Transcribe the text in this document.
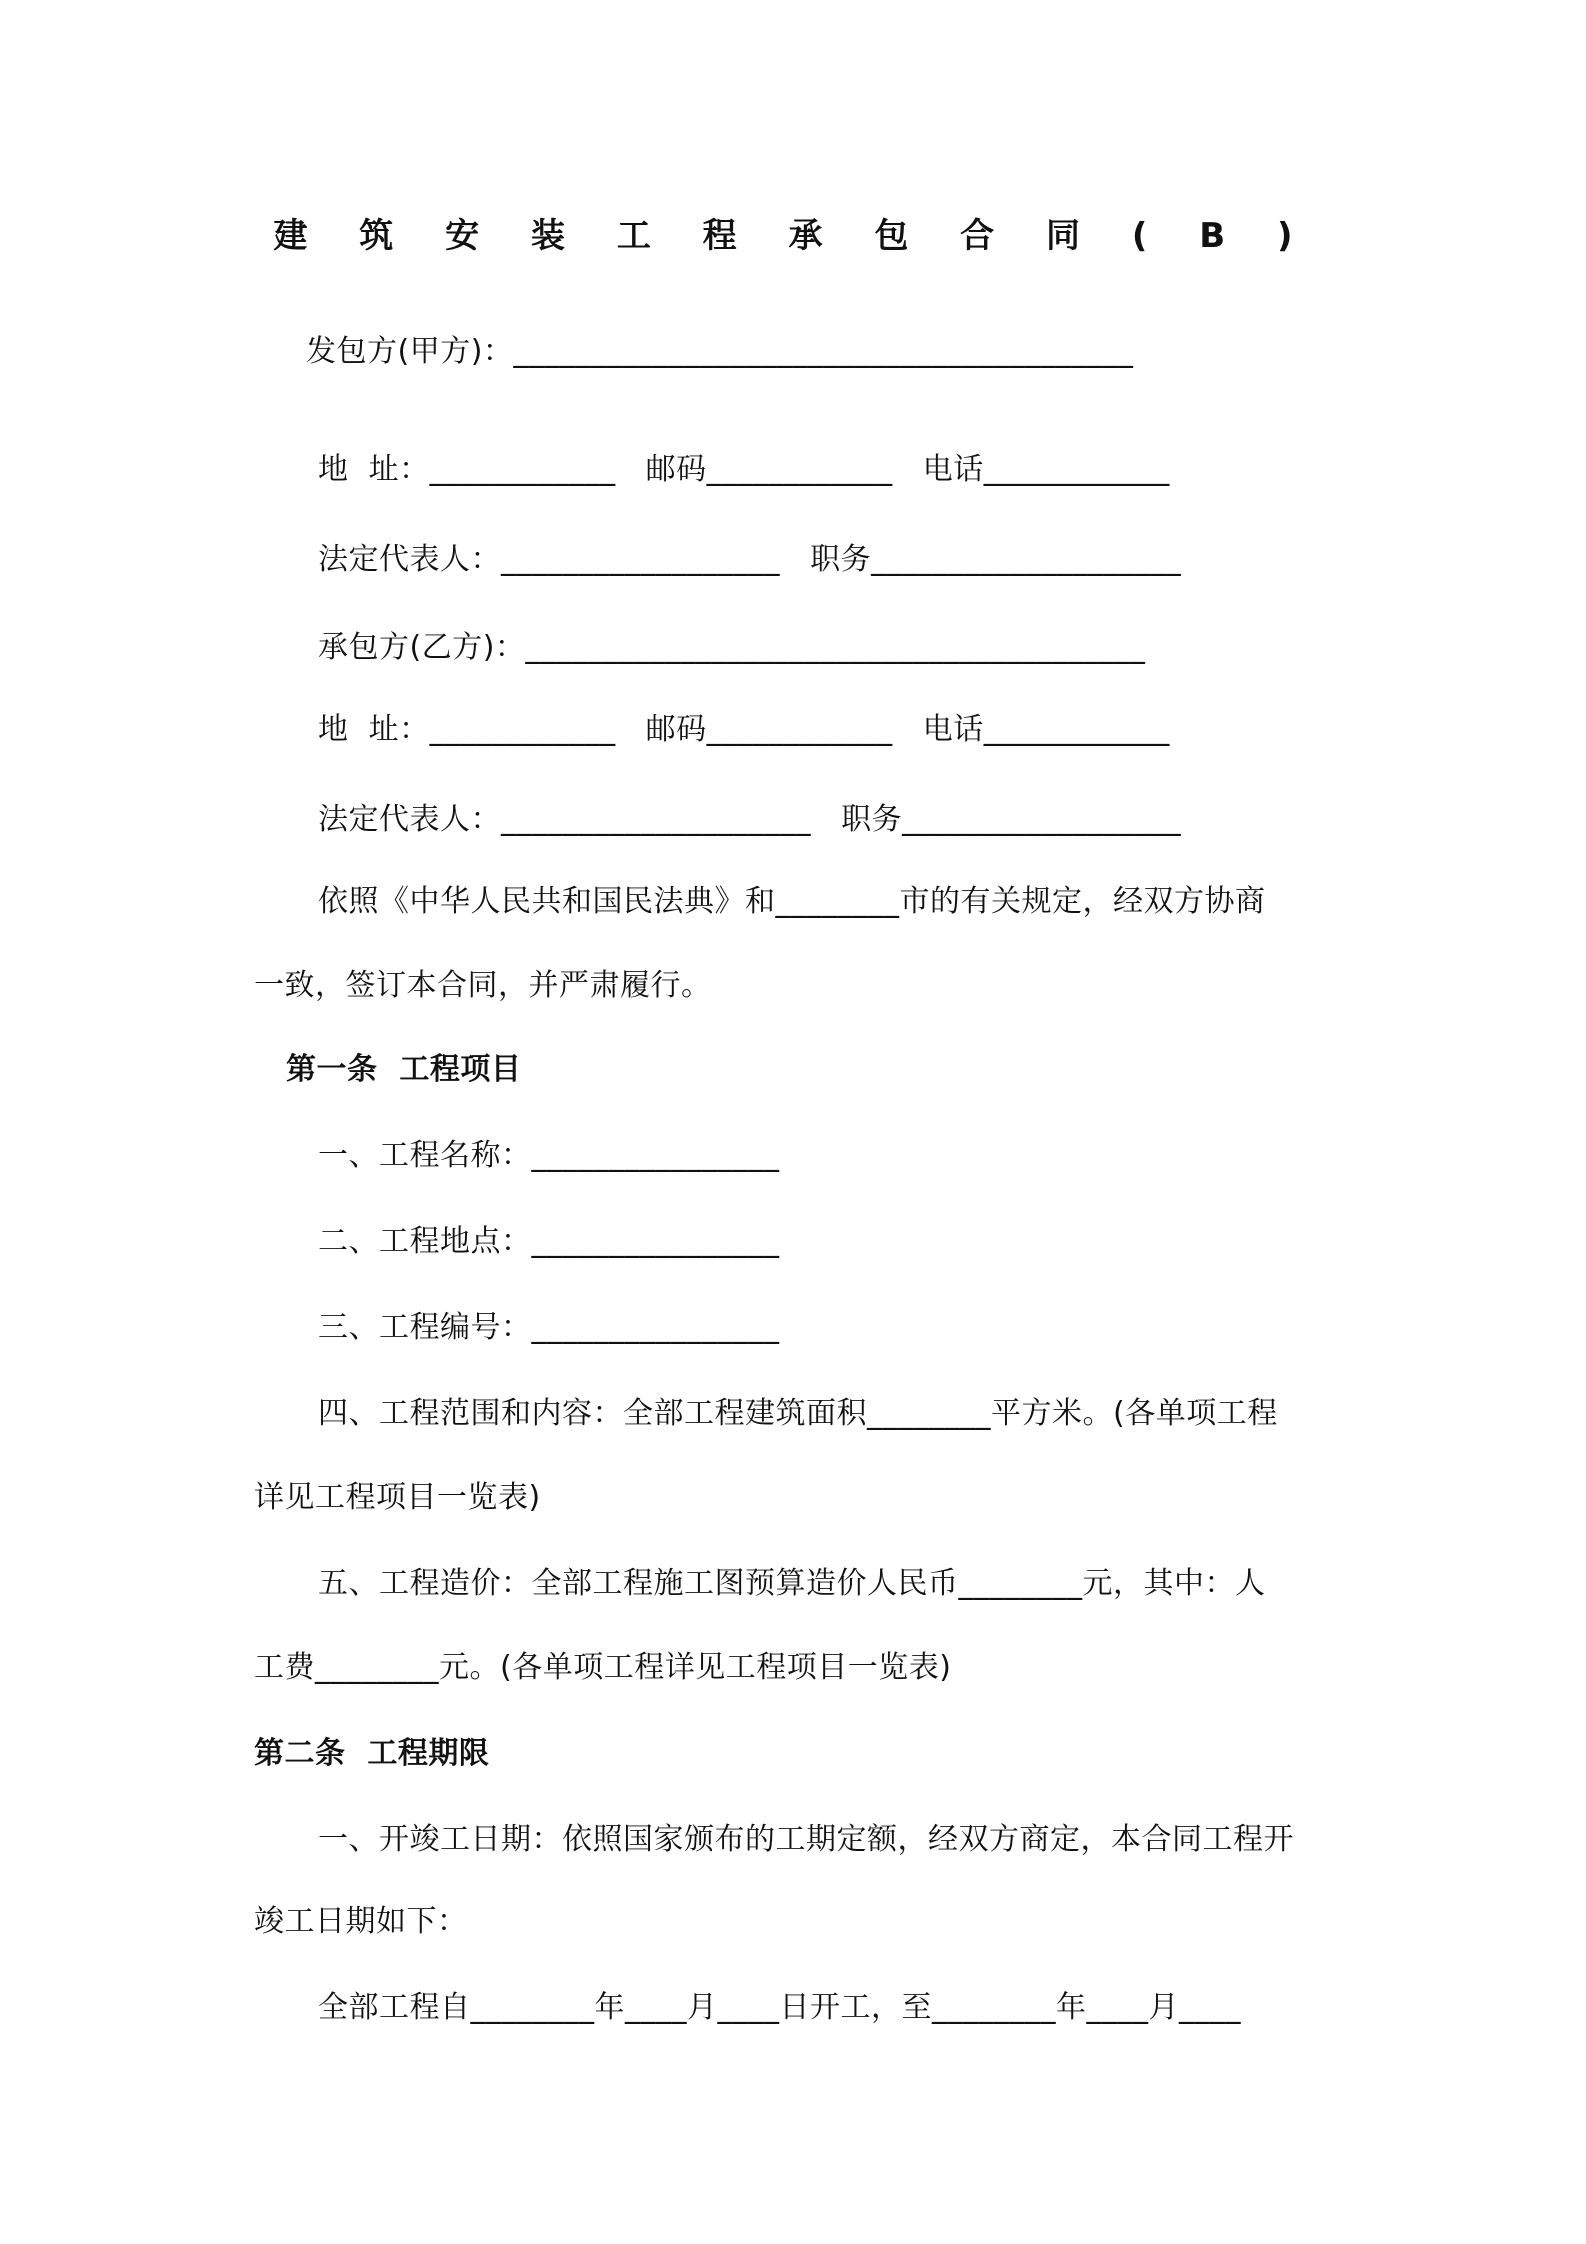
建 筑 安 装 工 程 承 包 合 同 ( B )
发包方(甲方)：________________________________________
地  址：____________   邮码____________   电话____________
法定代表人：__________________   职务____________________
承包方(乙方)：________________________________________
地  址：____________   邮码____________   电话____________
法定代表人：____________________   职务__________________
依照《中华人民共和国民法典》和________市的有关规定，经双方协商
一致，签订本合同，并严肃履行。
第一条  工程项目
一、工程名称：________________
二、工程地点：________________
三、工程编号：________________
四、工程范围和内容：全部工程建筑面积________平方米。(各单项工程
详见工程项目一览表)
五、工程造价：全部工程施工图预算造价人民币________元，其中：人
工费________元。(各单项工程详见工程项目一览表)
第二条  工程期限
一、开竣工日期：依照国家颁布的工期定额，经双方商定，本合同工程开
竣工日期如下：
全部工程自________年____月____日开工，至________年____月____
